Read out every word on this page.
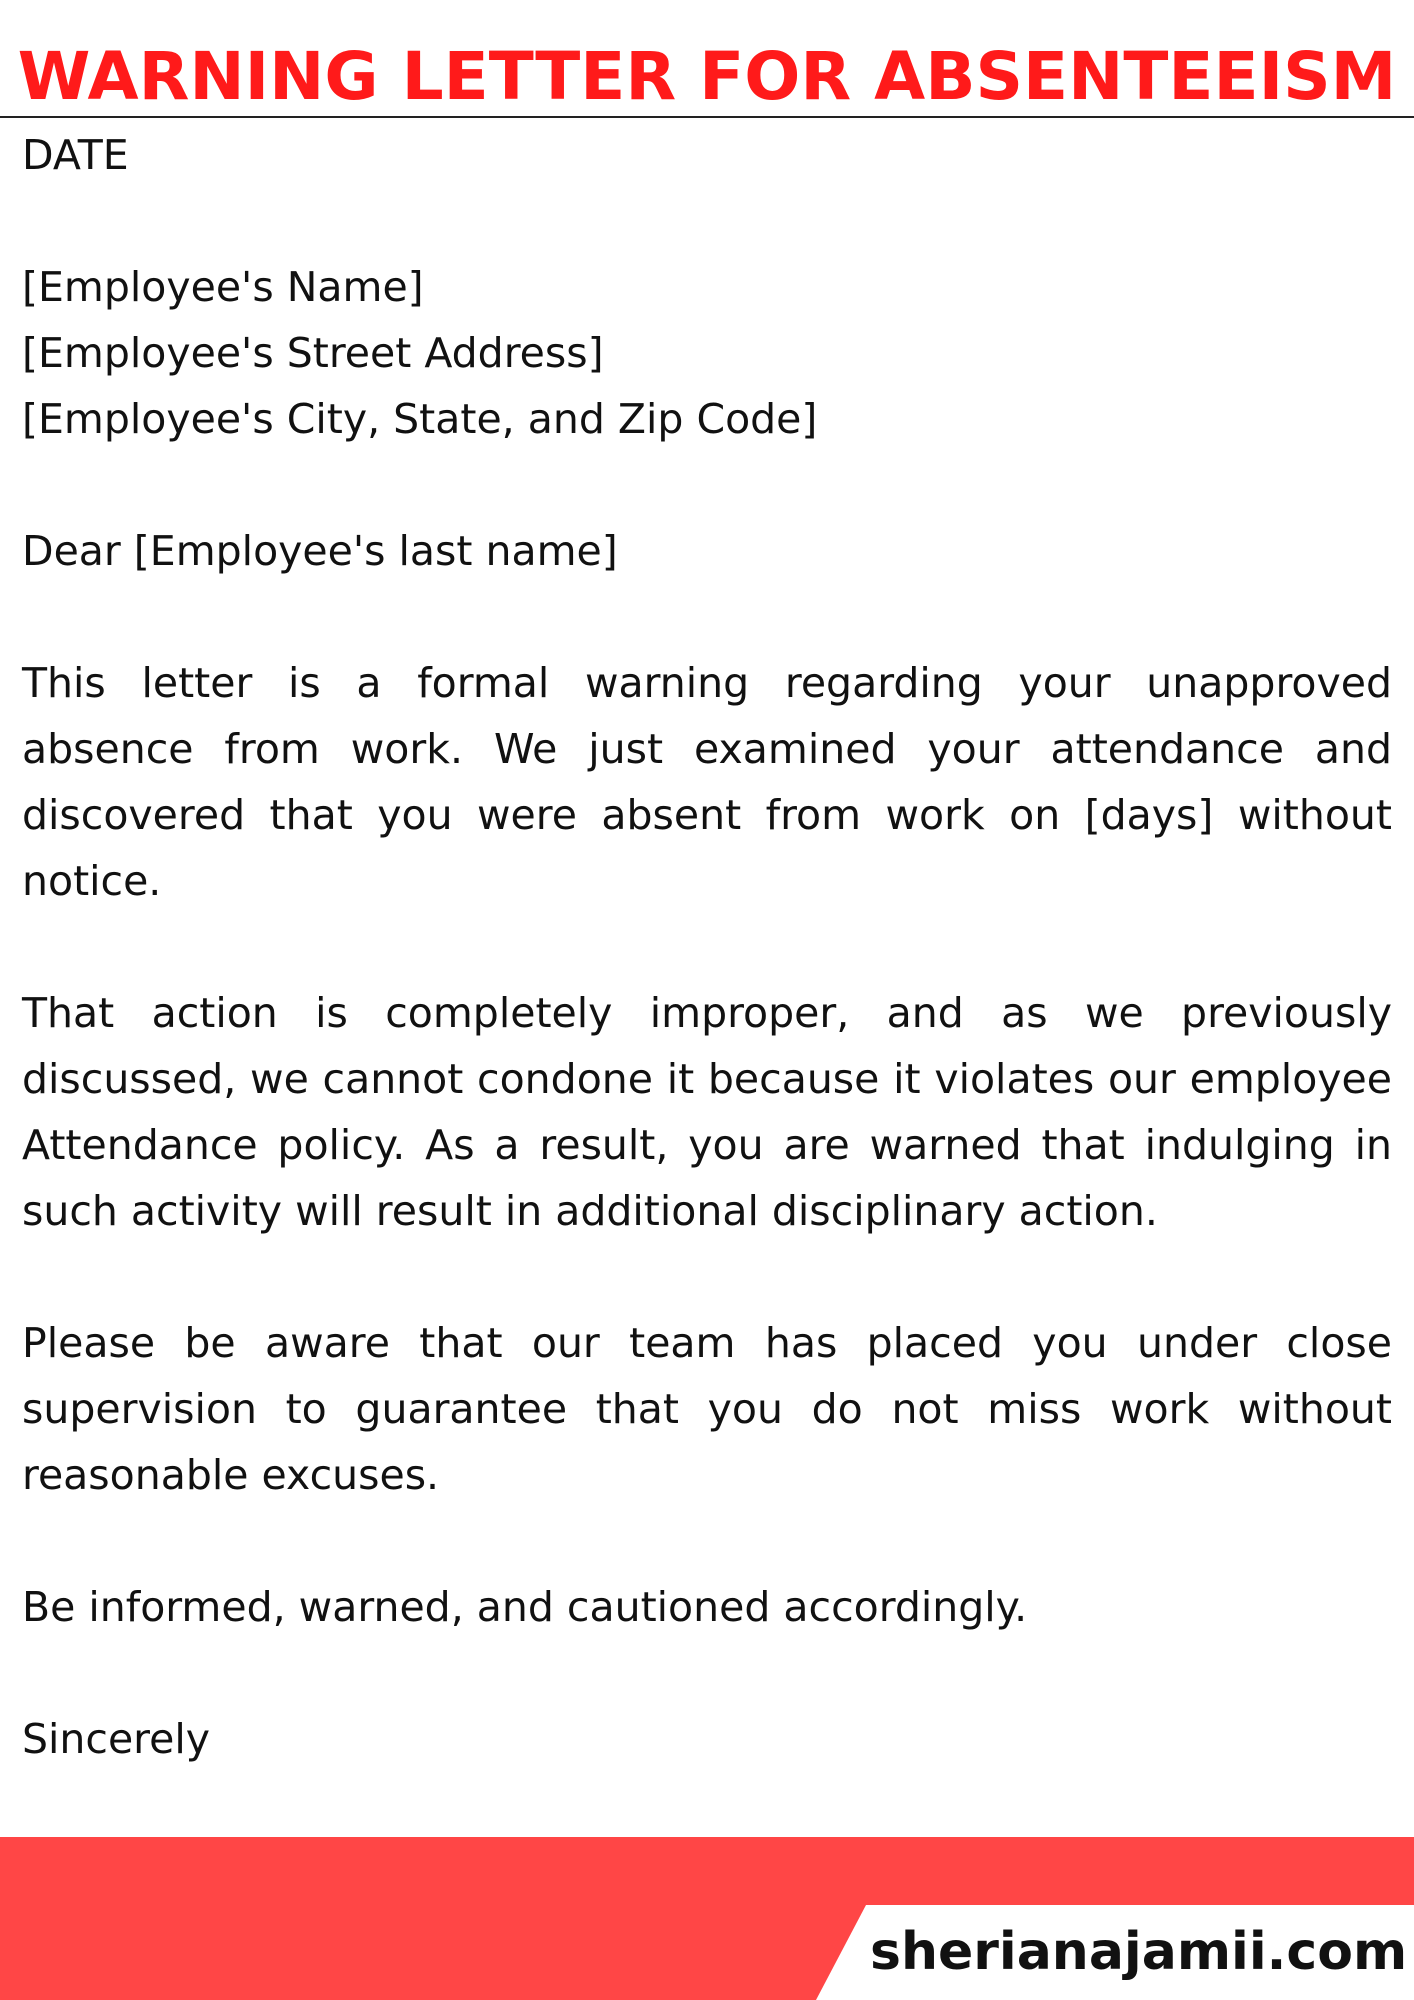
WARNING LETTER FOR ABSENTEEISM

DATE

[Employee's Name]

[Employee's Street Address]

[Employee's City, State, and Zip Code]

Dear [Employee's last name]

This letter is a formal warning regarding your unapproved absence from work. We just examined your attendance and discovered that you were absent from work on [days] without notice.

That action is completely improper, and as we previously discussed, we cannot condone it because it violates our employee Attendance policy. As a result, you are warned that indulging in such activity will result in additional disciplinary action.

Please be aware that our team has placed you under close supervision to guarantee that you do not miss work without reasonable excuses.

Be informed, warned, and cautioned accordingly.

Sincerely

sherianajamii.com
